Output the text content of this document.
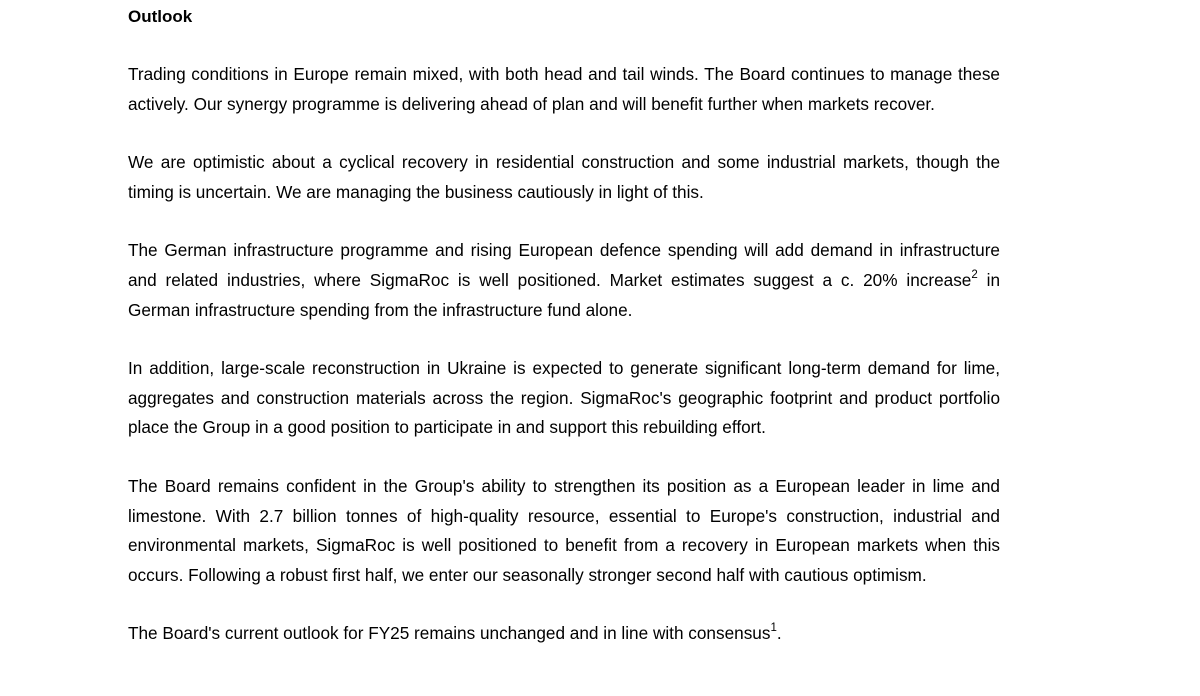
Outlook

Trading conditions in Europe remain mixed, with both head and tail winds. The Board continues to manage these actively. Our synergy programme is delivering ahead of plan and will benefit further when markets recover.

We are optimistic about a cyclical recovery in residential construction and some industrial markets, though the timing is uncertain. We are managing the business cautiously in light of this.

The German infrastructure programme and rising European defence spending will add demand in infrastructure and related industries, where SigmaRoc is well positioned. Market estimates suggest a c. 20% increase$^2$ in German infrastructure spending from the infrastructure fund alone.

In addition, large-scale reconstruction in Ukraine is expected to generate significant long-term demand for lime, aggregates and construction materials across the region. SigmaRoc's geographic footprint and product portfolio place the Group in a good position to participate in and support this rebuilding effort.

The Board remains confident in the Group's ability to strengthen its position as a European leader in lime and limestone. With 2.7 billion tonnes of high-quality resource, essential to Europe's construction, industrial and environmental markets, SigmaRoc is well positioned to benefit from a recovery in European markets when this occurs. Following a robust first half, we enter our seasonally stronger second half with cautious optimism.

The Board's current outlook for FY25 remains unchanged and in line with consensus$^1$.
